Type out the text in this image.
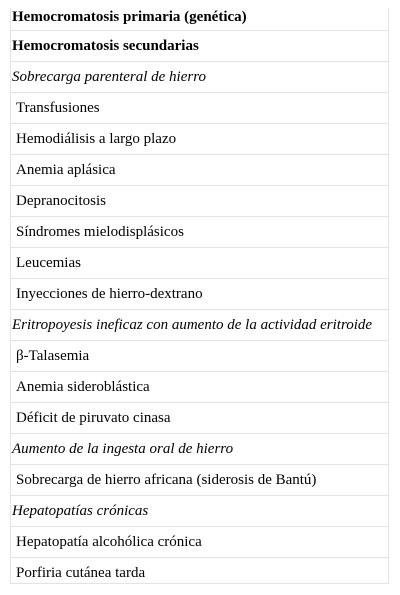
Hemocromatosis primaria (genética)
Hemocromatosis secundarias
Sobrecarga parenteral de hierro
Transfusiones
Hemodiálisis a largo plazo
Anemia aplásica
Depranocitosis
Síndromes mielodisplásicos
Leucemias
Inyecciones de hierro-dextrano
Eritropoyesis ineficaz con aumento de la actividad eritroide
β-Talasemia
Anemia sideroblástica
Déficit de piruvato cinasa
Aumento de la ingesta oral de hierro
Sobrecarga de hierro africana (siderosis de Bantú)
Hepatopatías crónicas
Hepatopatía alcohólica crónica
Porfiria cutánea tarda
